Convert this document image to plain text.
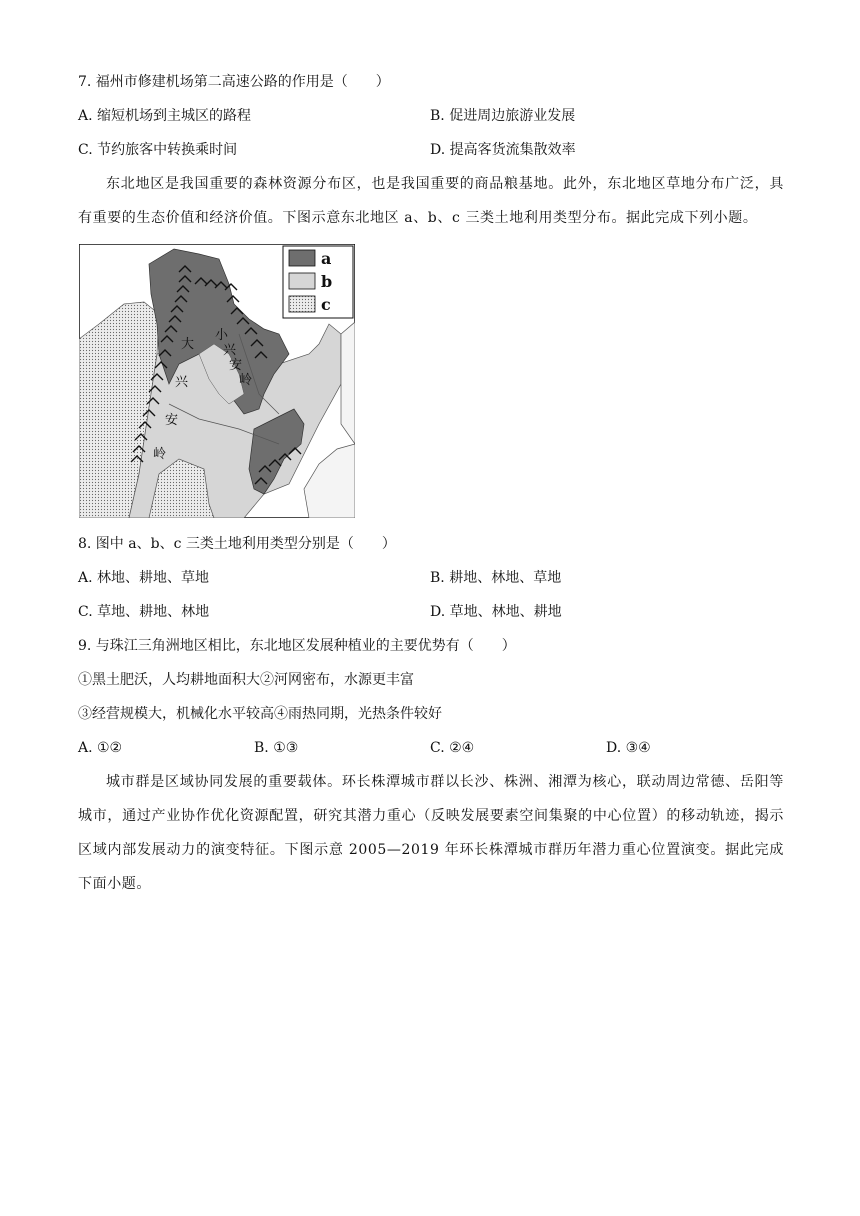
7. 福州市修建机场第二高速公路的作用是（　　）
A. 缩短机场到主城区的路程	B. 促进周边旅游业发展
C. 节约旅客中转换乘时间	D. 提高客货流集散效率
东北地区是我国重要的森林资源分布区，也是我国重要的商品粮基地。此外，东北地区草地分布广泛，具有重要的生态价值和经济价值。下图示意东北地区 a、b、c 三类土地利用类型分布。据此完成下列小题。
大
兴
安
岭
小
兴
安
岭
a
b
c
8. 图中 a、b、c 三类土地利用类型分别是（　　）
A. 林地、耕地、草地	B. 耕地、林地、草地
C. 草地、耕地、林地	D. 草地、林地、耕地
9. 与珠江三角洲地区相比，东北地区发展种植业的主要优势有（　　）
①黑土肥沃，人均耕地面积大②河网密布，水源更丰富
③经营规模大，机械化水平较高④雨热同期，光热条件较好
A. ①②	B. ①③	C. ②④	D. ③④
城市群是区域协同发展的重要载体。环长株潭城市群以长沙、株洲、湘潭为核心，联动周边常德、岳阳等城市，通过产业协作优化资源配置，研究其潜力重心（反映发展要素空间集聚的中心位置）的移动轨迹，揭示区域内部发展动力的演变特征。下图示意 2005—2019 年环长株潭城市群历年潜力重心位置演变。据此完成下面小题。
